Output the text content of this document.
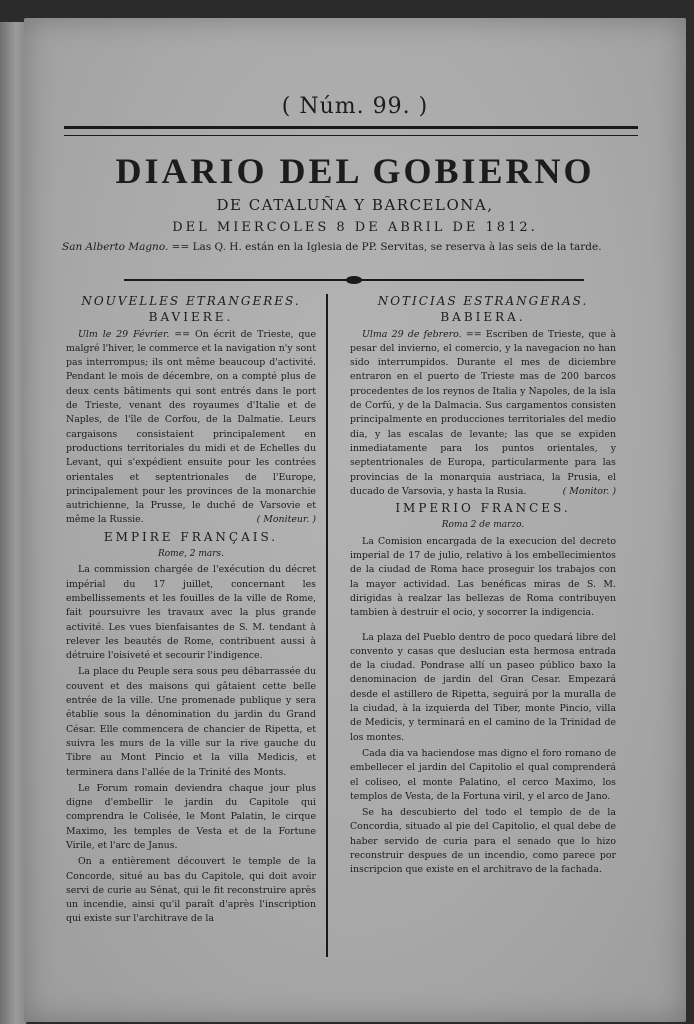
( Núm. 99. )
DIARIO DEL GOBIERNO
DE CATALUÑA Y BARCELONA,
DEL MIERCOLES 8 DE ABRIL DE 1812.
San Alberto Magno. == Las Q. H. están en la Iglesia de PP. Servitas, se reserva à las seis de la tarde.
NOUVELLES ETRANGERES.
BAVIERE.

Ulm le 29 Février. == On écrit de Trieste, que malgré l'hiver, le commerce et la navigation n'y sont pas interrompus; ils ont même beaucoup d'activité. Pendant le mois de décembre, on a compté plus de deux cents bâtiments qui sont entrés dans le port de Trieste, venant des royaumes d'Italie et de Naples, de l'île de Corfou, de la Dalmatie. Leurs cargaisons consistaient principalement en productions territoriales du midi et de Echelles du Levant, qui s'expédient ensuite pour les contrées orientales et septentrionales de l'Europe, principalement pour les provinces de la monarchie autrichienne, la Prusse, le duché de Varsovie et même la Russie.	( Moniteur. )

EMPIRE FRANÇAIS.
Rome, 2 mars.

La commission chargée de l'exécution du décret impérial du 17 juillet, concernant les embellissements et les fouilles de la ville de Rome, fait poursuivre les travaux avec la plus grande activité. Les vues bienfaisantes de S. M. tendant à relever les beautés de Rome, contribuent aussi à détruire l'oisiveté et secourir l'indigence.

La place du Peuple sera sous peu débarrassée du couvent et des maisons qui gâtaient cette belle entrée de la ville. Une promenade publique y sera établie sous la dénomination du jardin du Grand César. Elle commencera de chancier de Ripetta, et suivra les murs de la ville sur la rive gauche du Tibre au Mont Pincio et la villa Medicis, et terminera dans l'allée de la Trinité des Monts.

Le Forum romain deviendra chaque jour plus digne d'embellir le jardin du Capitole qui comprendra le Colisée, le Mont Palatin, le cirque Maximo, les temples de Vesta et de la Fortune Virile, et l'arc de Janus.

On a entièrement découvert le temple de la Concorde, situé au bas du Capitole, qui doit avoir servi de curie au Sénat, qui le fit reconstruire après un incendie, ainsi qu'il paraît d'après l'inscription qui existe sur l'architrave de la

NOTICIAS ESTRANGERAS.
BABIERA.

Ulma 29 de febrero. == Escriben de Trieste, que à pesar del invierno, el comercio, y la navegacion no han sido interrumpidos. Durante el mes de diciembre entraron en el puerto de Trieste mas de 200 barcos procedentes de los reynos de Italia y Napoles, de la isla de Corfú, y de la Dalmacia. Sus cargamentos consisten principalmente en producciones territoriales del medio dia, y las escalas de levante; las que se expiden inmediatamente para los puntos orientales, y septentrionales de Europa, particularmente para las provincias de la monarquia austriaca, la Prusia, el ducado de Varsovia, y hasta la Rusia.	( Monitor. )

IMPERIO FRANCES.
Roma 2 de marzo.

La Comision encargada de la execucion del decreto imperial de 17 de julio, relativo à los embellecimientos de la ciudad de Roma hace proseguir los trabajos con la mayor actividad. Las benéficas miras de S. M. dirigidas à realzar las bellezas de Roma contribuyen tambien à destruir el ocio, y socorrer la indigencia.

La plaza del Pueblo dentro de poco quedará libre del convento y casas que deslucian esta hermosa entrada de la ciudad. Pondrase allí un paseo público baxo la denominacion de jardin del Gran Cesar. Empezará desde el astillero de Ripetta, seguirá por la muralla de la ciudad, à la izquierda del Tiber, monte Pincio, villa de Medicis, y terminará en el camino de la Trinidad de los montes.

Cada dia va haciendose mas digno el foro romano de embellecer el jardin del Capitolio el qual comprenderá el coliseo, el monte Palatino, el cerco Maximo, los templos de Vesta, de la Fortuna viril, y el arco de Jano.

Se ha descubierto del todo el templo de de la Concordia, situado al pie del Capitolio, el qual debe de haber servido de curia para el senado que lo hizo reconstruir despues de un incendio, como parece por inscripcion que existe en el architravo de la fachada.
